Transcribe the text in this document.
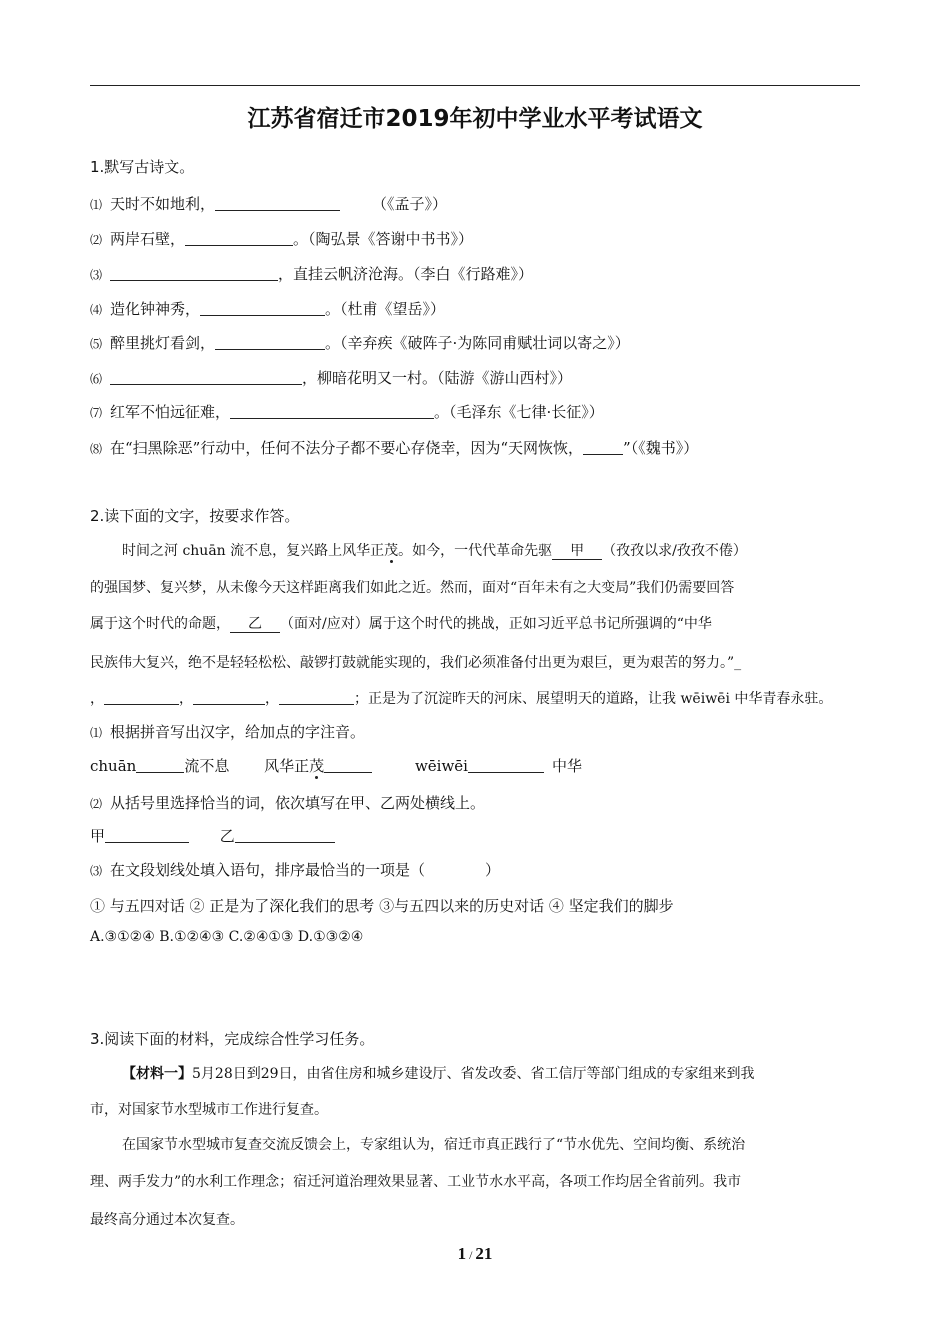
江苏省宿迁市2019年初中学业水平考试语文
1.默写古诗文。
⑴ 天时不如地利，	（《孟子》）
⑵ 两岸石壁，	。（陶弘景《答谢中书书》）
⑶	，直挂云帆济沧海。（李白《行路难》）
⑷ 造化钟神秀，	。（杜甫《望岳》）
⑸ 醉里挑灯看剑，	。（辛弃疾《破阵子·为陈同甫赋壮词以寄之》）
⑹	，柳暗花明又一村。（陆游《游山西村》）
⑺ 红军不怕远征难，	。（毛泽东《七律·长征》）
⑻ 在“扫黑除恶”行动中，任何不法分子都不要心存侥幸，因为“天网恢恢，	”（《魏书》）
2.读下面的文字，按要求作答。
时间之河 chuān 流不息，复兴路上风华正茂。如今，一代代革命先驱 甲 （孜孜以求/孜孜不倦）
的强国梦、复兴梦，从未像今天这样距离我们如此之近。然而，面对“百年未有之大变局”我们仍需要回答
属于这个时代的命题， 乙 （面对/应对）属于这个时代的挑战，正如习近平总书记所强调的“中华
民族伟大复兴，绝不是轻轻松松、敲锣打鼓就能实现的，我们必须准备付出更为艰巨，更为艰苦的努力。”_
，	，	，	；正是为了沉淀昨天的河床、展望明天的道路，让我 wēiwēi 中华青春永驻。
⑴ 根据拼音写出汉字，给加点的字注音。
chuān	流不息 风华正茂	wēiwēi	中华
⑵ 从括号里选择恰当的词，依次填写在甲、乙两处横线上。
甲	乙
⑶ 在文段划线处填入语句，排序最恰当的一项是（	）
① 与五四对话 ② 正是为了深化我们的思考 ③与五四以来的历史对话 ④ 坚定我们的脚步
A.③①②④ B.①②④③ C.②④①③ D.①③②④
3.阅读下面的材料，完成综合性学习任务。
【材料一】5月28日到29日，由省住房和城乡建设厅、省发改委、省工信厅等部门组成的专家组来到我
市，对国家节水型城市工作进行复查。
在国家节水型城市复查交流反馈会上，专家组认为，宿迁市真正践行了“节水优先、空间均衡、系统治
理、两手发力”的水利工作理念；宿迁河道治理效果显著、工业节水水平高，各项工作均居全省前列。我市
最终高分通过本次复查。
1 / 21
